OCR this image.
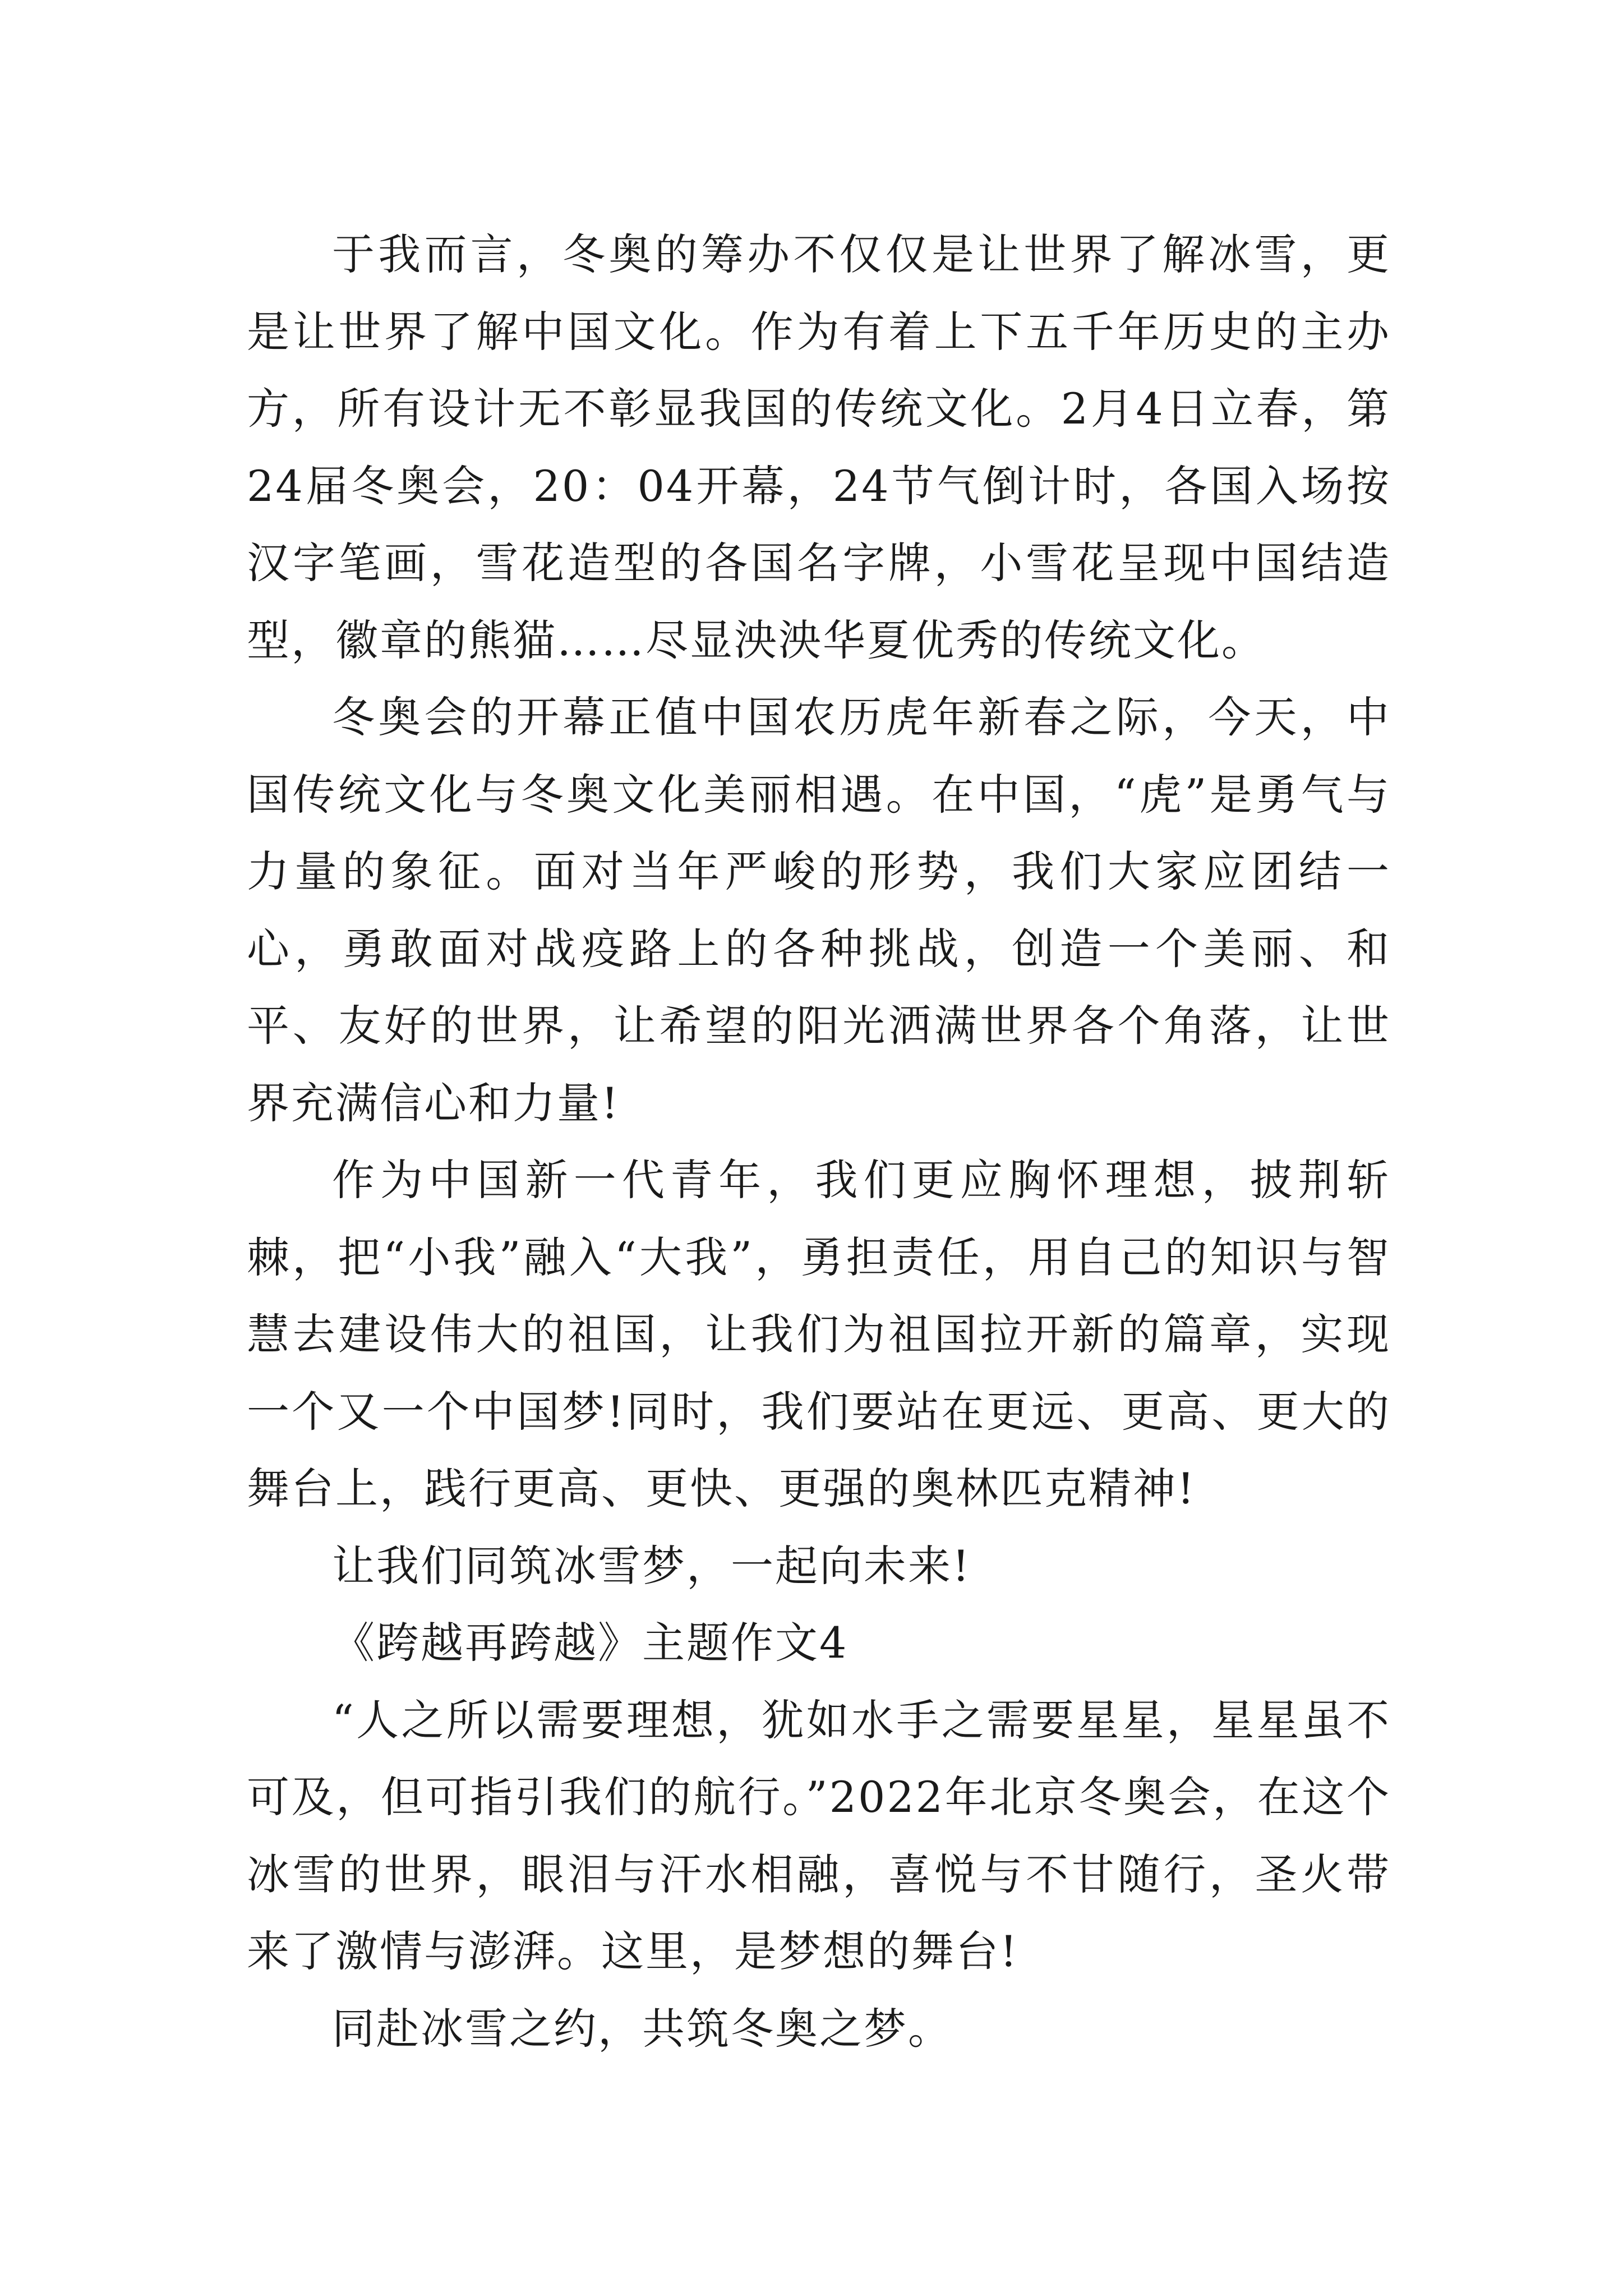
于我而言，冬奥的筹办不仅仅是让世界了解冰雪，更是让世界了解中国文化。作为有着上下五千年历史的主办方，所有设计无不彰显我国的传统文化。2月4日立春，第24届冬奥会，20：04开幕，24节气倒计时，各国入场按汉字笔画，雪花造型的各国名字牌，小雪花呈现中国结造型，徽章的熊猫……尽显泱泱华夏优秀的传统文化。

冬奥会的开幕正值中国农历虎年新春之际，今天，中国传统文化与冬奥文化美丽相遇。在中国，“虎”是勇气与力量的象征。面对当年严峻的形势，我们大家应团结一心，勇敢面对战疫路上的各种挑战，创造一个美丽、和平、友好的世界，让希望的阳光洒满世界各个角落，让世界充满信心和力量!

作为中国新一代青年，我们更应胸怀理想，披荆斩棘，把“小我”融入“大我”，勇担责任，用自己的知识与智慧去建设伟大的祖国，让我们为祖国拉开新的篇章，实现一个又一个中国梦!同时，我们要站在更远、更高、更大的舞台上，践行更高、更快、更强的奥林匹克精神!

让我们同筑冰雪梦，一起向未来!

《跨越再跨越》主题作文4

“人之所以需要理想，犹如水手之需要星星，星星虽不可及，但可指引我们的航行。”2022年北京冬奥会，在这个冰雪的世界，眼泪与汗水相融，喜悦与不甘随行，圣火带来了激情与澎湃。这里，是梦想的舞台!

同赴冰雪之约，共筑冬奥之梦。
